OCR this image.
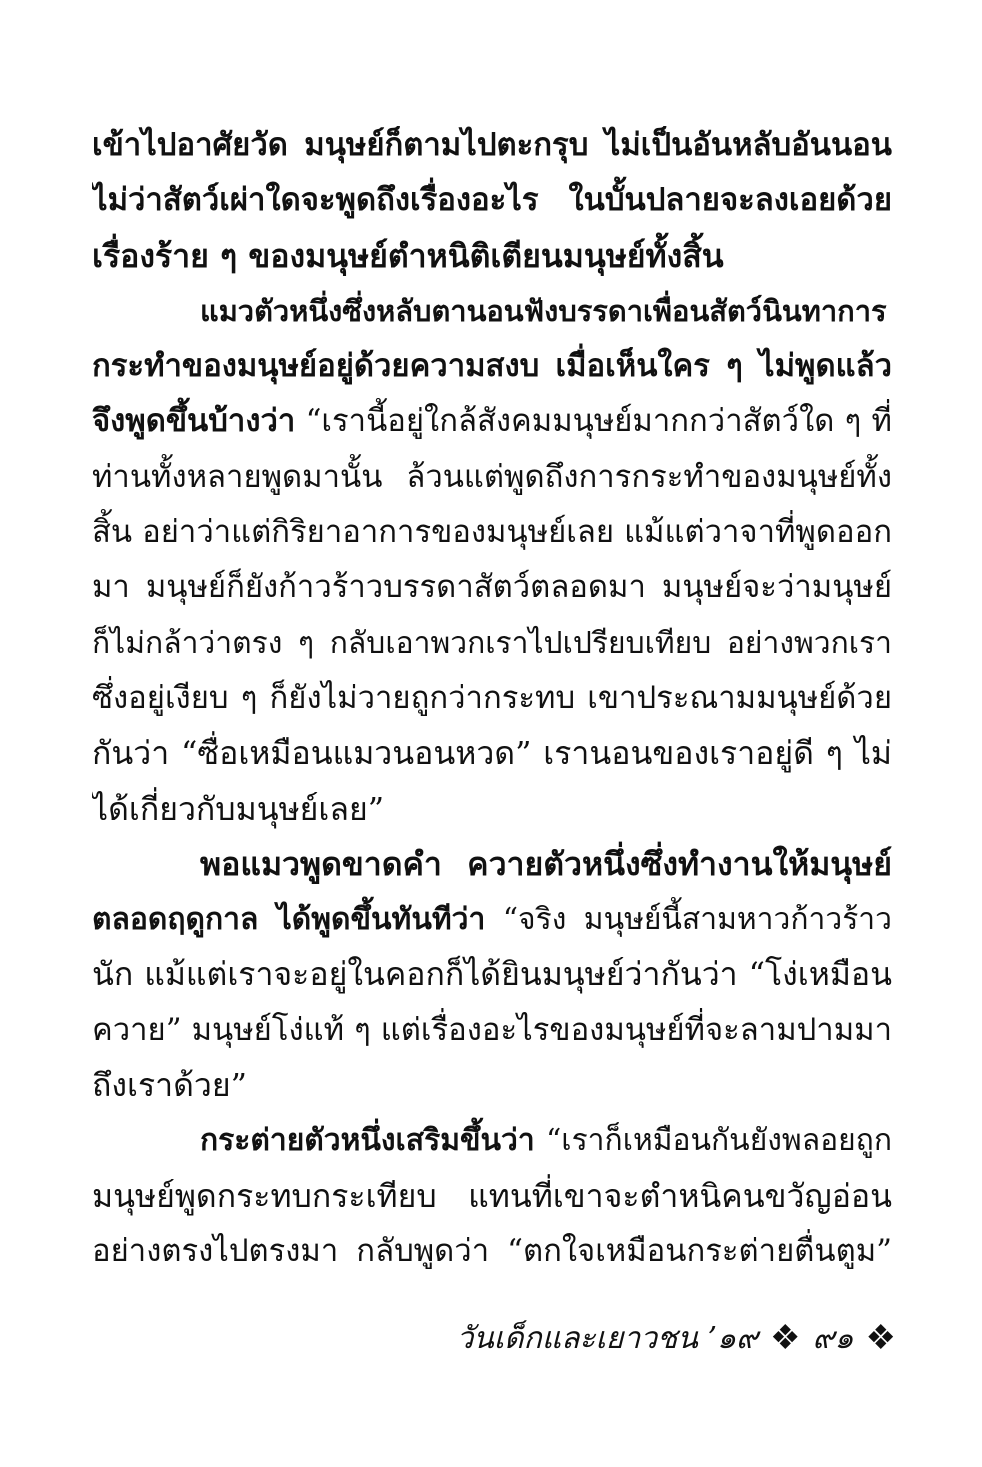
เข้าไปอาศัยวัด มนุษย์ก็ตามไปตะกรุบ ไม่เป็นอันหลับอันนอน
ไม่ว่าสัตว์เผ่าใดจะพูดถึงเรื่องอะไร ในบั้นปลายจะลงเอยด้วย
เรื่องร้าย ๆ ของมนุษย์ตำหนิติเตียนมนุษย์ทั้งสิ้น
แมวตัวหนึ่งซึ่งหลับตานอนฟังบรรดาเพื่อนสัตว์นินทาการ
กระทำของมนุษย์อยู่ด้วยความสงบ เมื่อเห็นใคร ๆ ไม่พูดแล้ว
จึงพูดขึ้นบ้างว่า “เรานี้อยู่ใกล้สังคมมนุษย์มากกว่าสัตว์ใด ๆ ที่
ท่านทั้งหลายพูดมานั้น ล้วนแต่พูดถึงการกระทำของมนุษย์ทั้ง
สิ้น อย่าว่าแต่กิริยาอาการของมนุษย์เลย แม้แต่วาจาที่พูดออก
มา มนุษย์ก็ยังก้าวร้าวบรรดาสัตว์ตลอดมา มนุษย์จะว่ามนุษย์
ก็ไม่กล้าว่าตรง ๆ กลับเอาพวกเราไปเปรียบเทียบ อย่างพวกเรา
ซึ่งอยู่เงียบ ๆ ก็ยังไม่วายถูกว่ากระทบ เขาประณามมนุษย์ด้วย
กันว่า “ซื่อเหมือนแมวนอนหวด” เรานอนของเราอยู่ดี ๆ ไม่
ได้เกี่ยวกับมนุษย์เลย”
พอแมวพูดขาดคำ ควายตัวหนึ่งซึ่งทำงานให้มนุษย์
ตลอดฤดูกาล ได้พูดขึ้นทันทีว่า “จริง มนุษย์นี้สามหาวก้าวร้าว
นัก แม้แต่เราจะอยู่ในคอกก็ได้ยินมนุษย์ว่ากันว่า “โง่เหมือน
ควาย” มนุษย์โง่แท้ ๆ แต่เรื่องอะไรของมนุษย์ที่จะลามปามมา
ถึงเราด้วย”
กระต่ายตัวหนึ่งเสริมขึ้นว่า “เราก็เหมือนกันยังพลอยถูก
มนุษย์พูดกระทบกระเทียบ แทนที่เขาจะตำหนิคนขวัญอ่อน
อย่างตรงไปตรงมา กลับพูดว่า “ตกใจเหมือนกระต่ายตื่นตูม”
วันเด็กและเยาวชน ’๑๙ ❖ ๙๑ ❖
